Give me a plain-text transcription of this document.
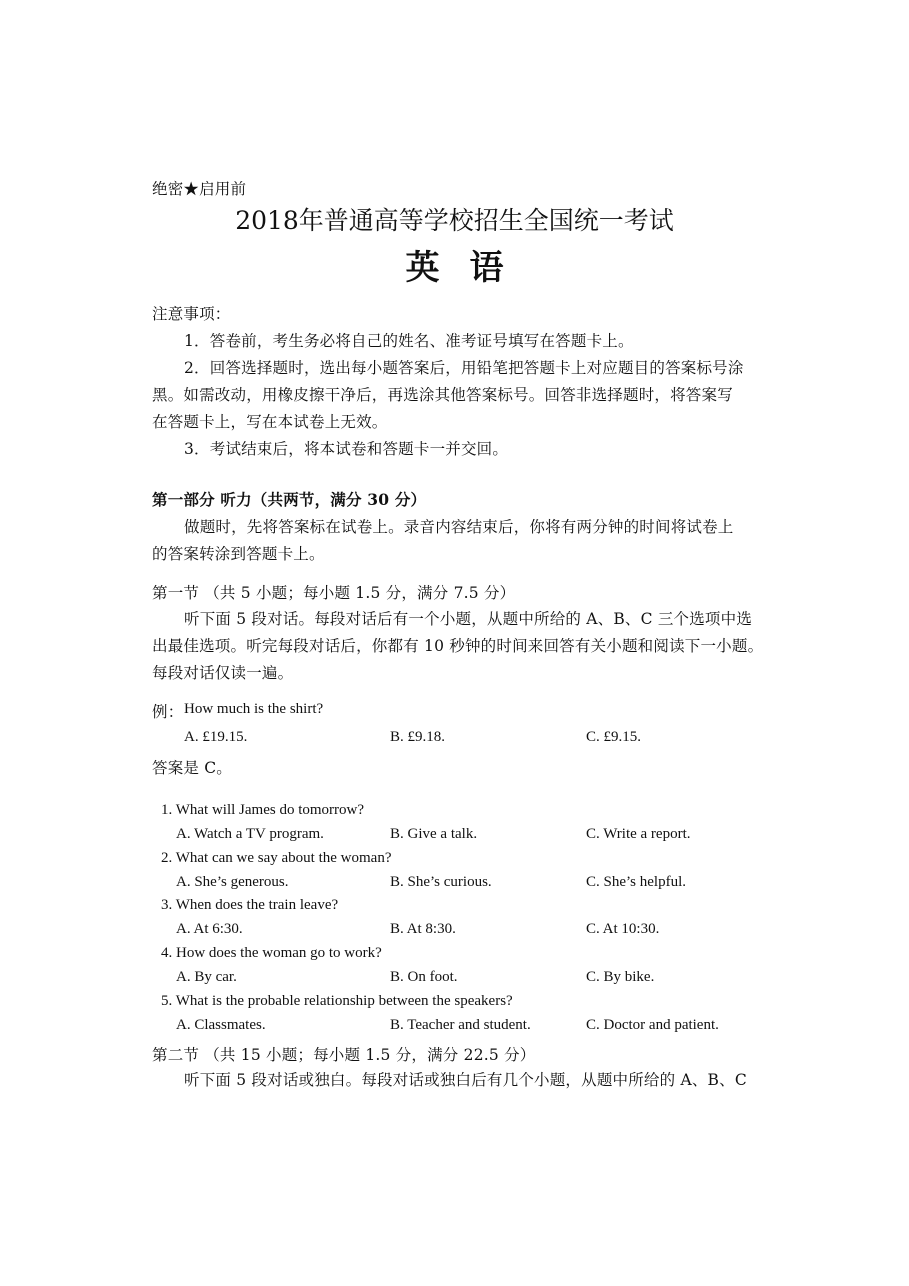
绝密★启用前
2018年普通高等学校招生全国统一考试
英语
注意事项：
1．答卷前，考生务必将自己的姓名、准考证号填写在答题卡上。
2．回答选择题时，选出每小题答案后，用铅笔把答题卡上对应题目的答案标号涂
黑。如需改动，用橡皮擦干净后，再选涂其他答案标号。回答非选择题时，将答案写
在答题卡上，写在本试卷上无效。
3．考试结束后，将本试卷和答题卡一并交回。
第一部分 听力（共两节，满分 30 分）
做题时，先将答案标在试卷上。录音内容结束后，你将有两分钟的时间将试卷上
的答案转涂到答题卡上。
第一节 （共 5 小题；每小题 1.5 分，满分 7.5 分）
听下面 5 段对话。每段对话后有一个小题，从题中所给的 A、B、C 三个选项中选
出最佳选项。听完每段对话后，你都有 10 秒钟的时间来回答有关小题和阅读下一小题。
每段对话仅读一遍。
例： How much is the shirt?
A. £19.15.	B. £9.18.	C. £9.15.
答案是 C。
1. What will James do tomorrow?
A. Watch a TV program.	B. Give a talk.	C. Write a report.
2. What can we say about the woman?
A. She’s generous.	B. She’s curious.	C. She’s helpful.
3. When does the train leave?
A. At 6:30.	B. At 8:30.	C. At 10:30.
4. How does the woman go to work?
A. By car.	B. On foot.	C. By bike.
5. What is the probable relationship between the speakers?
A. Classmates.	B. Teacher and student.	C. Doctor and patient.
第二节 （共 15 小题；每小题 1.5 分，满分 22.5 分）
听下面 5 段对话或独白。每段对话或独白后有几个小题，从题中所给的 A、B、C
